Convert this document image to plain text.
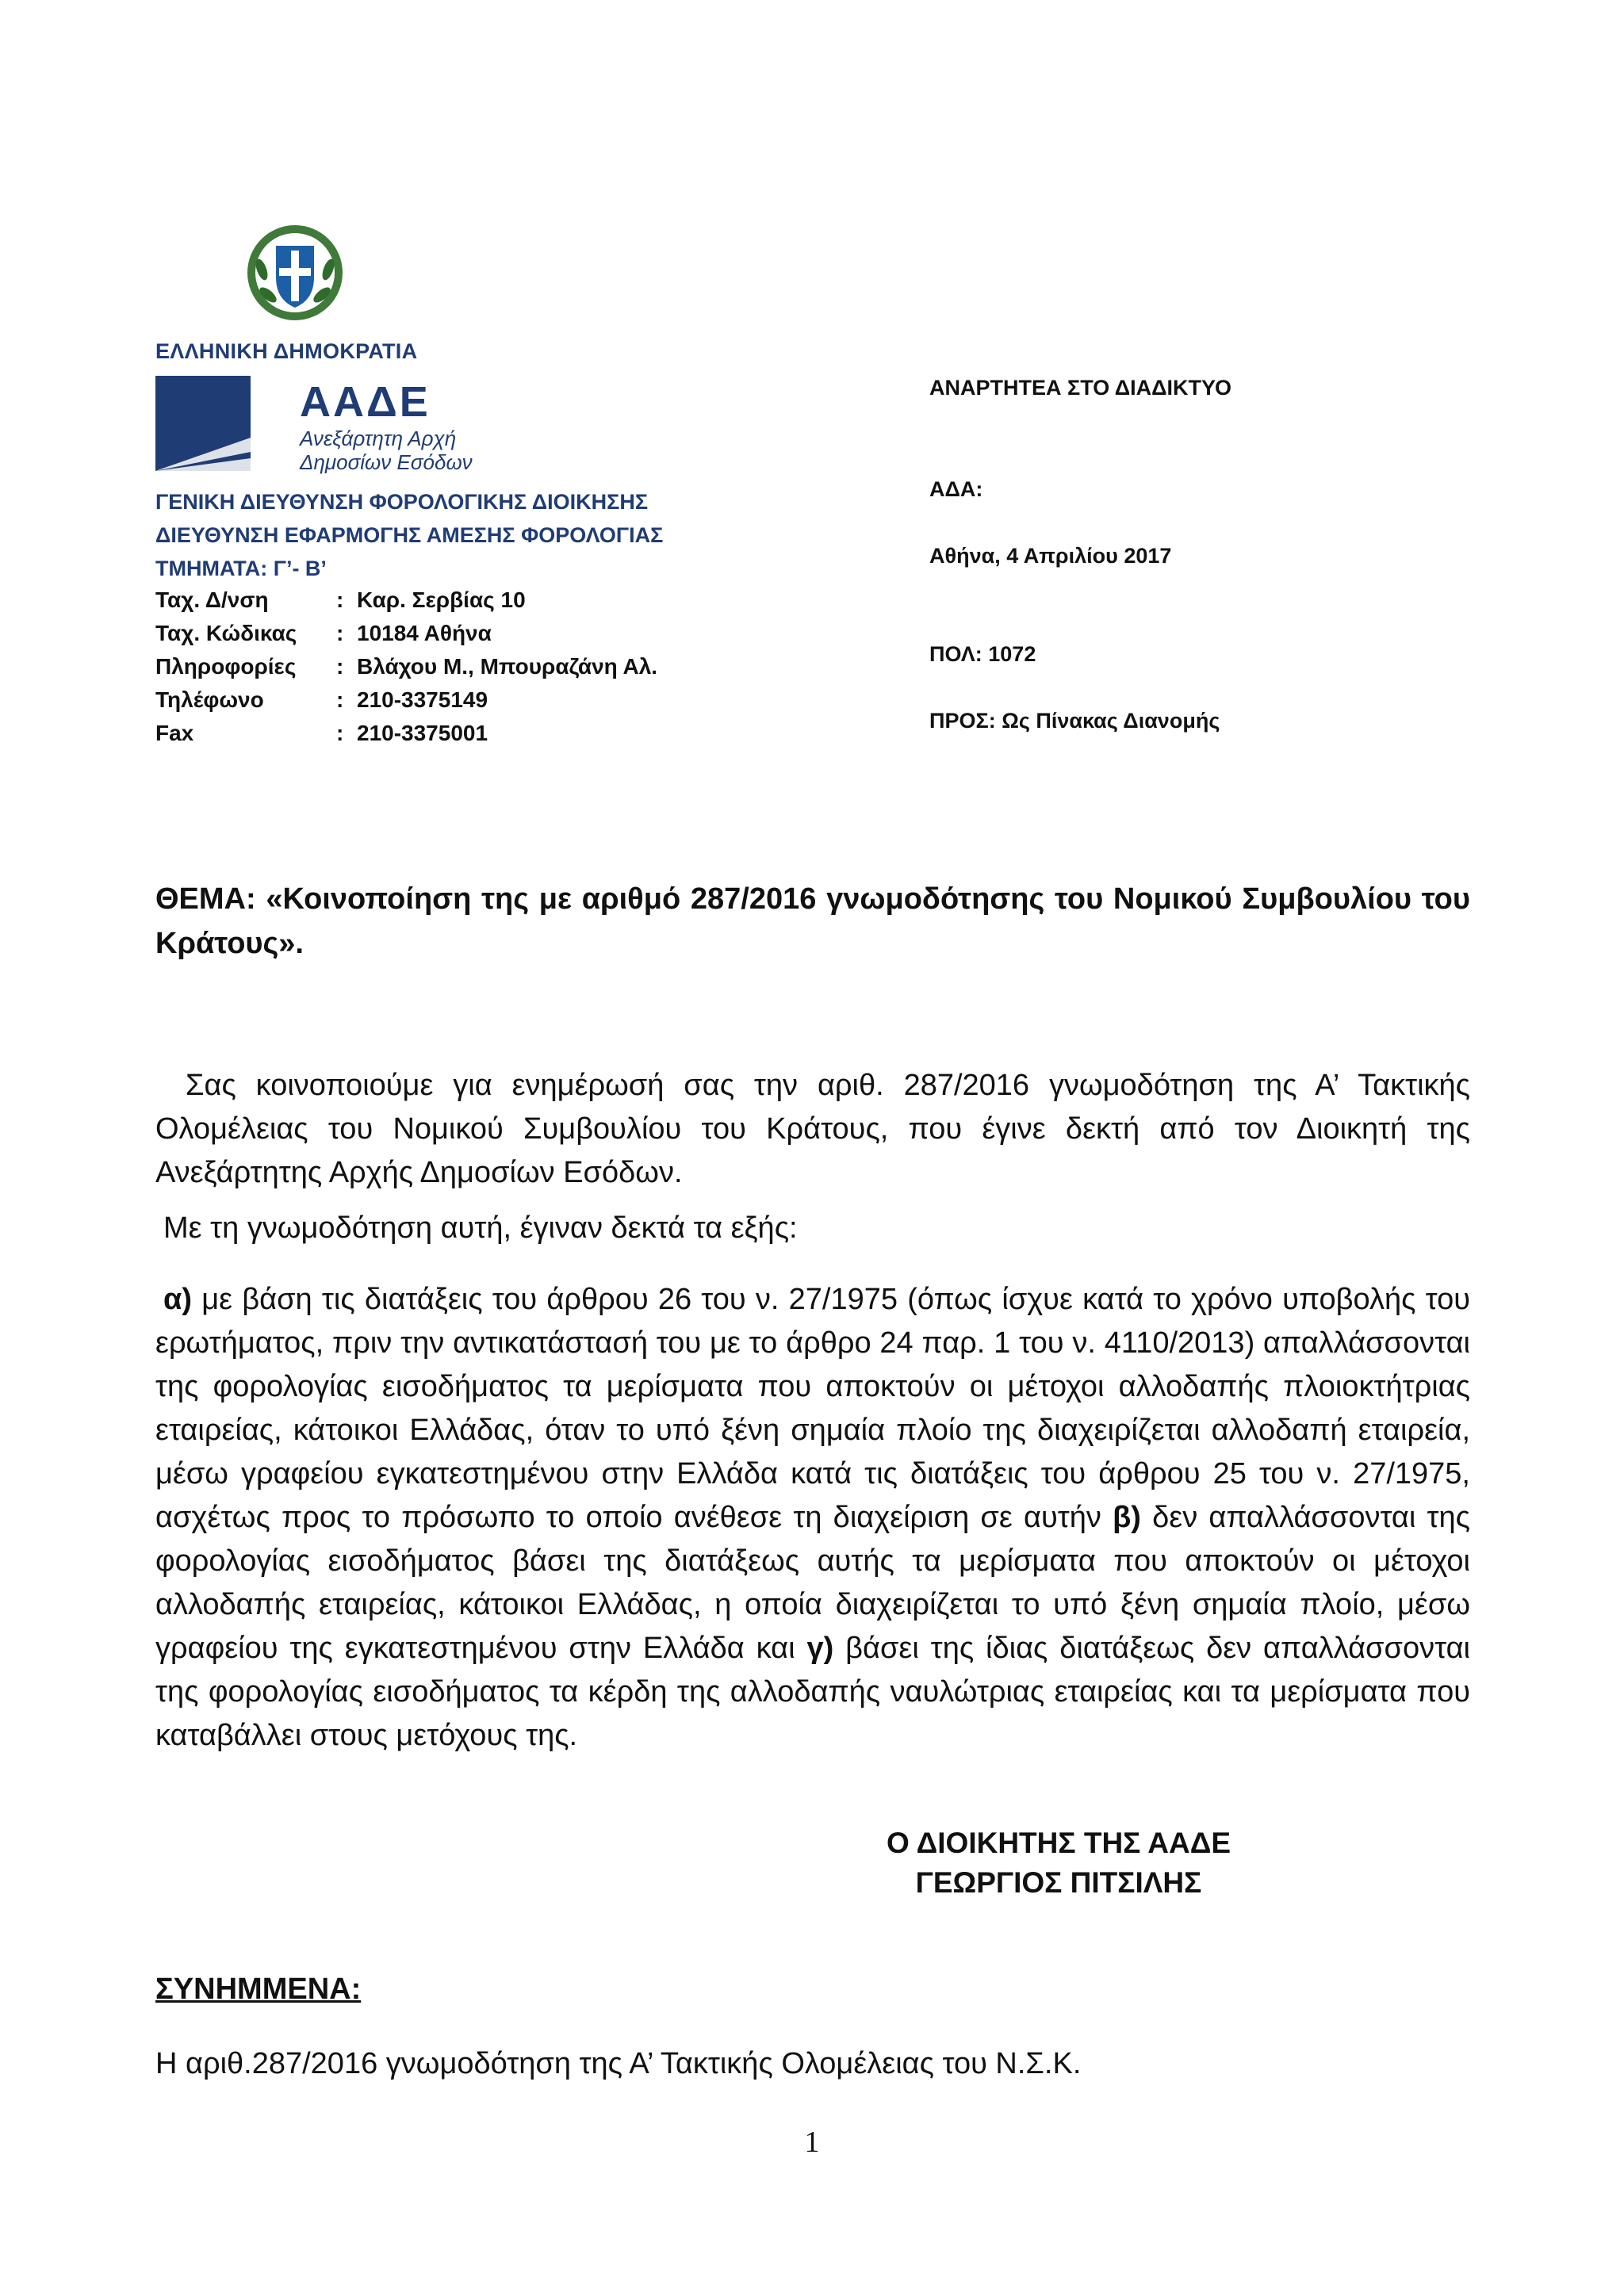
ΕΛΛΗΝΙΚΗ ΔΗΜΟΚΡΑΤΙΑ
ΑΑΔΕ
Ανεξάρτητη Αρχή
Δημοσίων Εσόδων
ΓΕΝΙΚΗ ΔΙΕΥΘΥΝΣΗ ΦΟΡΟΛΟΓΙΚΗΣ ΔΙΟΙΚΗΣΗΣ
ΔΙΕΥΘΥΝΣΗ ΕΦΑΡΜΟΓΗΣ ΑΜΕΣΗΣ ΦΟΡΟΛΟΓΙΑΣ
ΤΜΗΜΑΤΑ: Γ’- Β’
Ταχ. Δ/νση	: Καρ. Σερβίας 10
Ταχ. Κώδικας	: 10184 Αθήνα
Πληροφορίες	: Βλάχου Μ., Μπουραζάνη Αλ.
Τηλέφωνο	: 210-3375149
Fax	: 210-3375001
ΑΝΑΡΤΗΤΕΑ ΣΤΟ ΔΙΑΔΙΚΤΥΟ
ΑΔΑ:
Αθήνα, 4 Απριλίου 2017
ΠΟΛ: 1072
ΠΡΟΣ: Ως Πίνακας Διανομής
ΘΕΜΑ: «Κοινοποίηση της με αριθμό 287/2016 γνωμοδότησης του Νομικού Συμβουλίου του Κράτους».
Σας κοινοποιούμε για ενημέρωσή σας την αριθ. 287/2016 γνωμοδότηση της Α’ Τακτικής Ολομέλειας του Νομικού Συμβουλίου του Κράτους, που έγινε δεκτή από τον Διοικητή της Ανεξάρτητης Αρχής Δημοσίων Εσόδων.
Με τη γνωμοδότηση αυτή, έγιναν δεκτά τα εξής:
α) με βάση τις διατάξεις του άρθρου 26 του ν. 27/1975 (όπως ίσχυε κατά το χρόνο υποβολής του ερωτήματος, πριν την αντικατάστασή του με το άρθρο 24 παρ. 1 του ν. 4110/2013) απαλλάσσονται της φορολογίας εισοδήματος τα μερίσματα που αποκτούν οι μέτοχοι αλλοδαπής πλοιοκτήτριας εταιρείας, κάτοικοι Ελλάδας, όταν το υπό ξένη σημαία πλοίο της διαχειρίζεται αλλοδαπή εταιρεία, μέσω γραφείου εγκατεστημένου στην Ελλάδα κατά τις διατάξεις του άρθρου 25 του ν. 27/1975, ασχέτως προς το πρόσωπο το οποίο ανέθεσε τη διαχείριση σε αυτήν β) δεν απαλλάσσονται της φορολογίας εισοδήματος βάσει της διατάξεως αυτής τα μερίσματα που αποκτούν οι μέτοχοι αλλοδαπής εταιρείας, κάτοικοι Ελλάδας, η οποία διαχειρίζεται το υπό ξένη σημαία πλοίο, μέσω γραφείου της εγκατεστημένου στην Ελλάδα και γ) βάσει της ίδιας διατάξεως δεν απαλλάσσονται της φορολογίας εισοδήματος τα κέρδη της αλλοδαπής ναυλώτριας εταιρείας και τα μερίσματα που καταβάλλει στους μετόχους της.
Ο ΔΙΟΙΚΗΤΗΣ ΤΗΣ ΑΑΔΕ
ΓΕΩΡΓΙΟΣ ΠΙΤΣΙΛΗΣ
ΣΥΝΗΜΜΕΝΑ:
Η αριθ.287/2016 γνωμοδότηση της Α’ Τακτικής Ολομέλειας του Ν.Σ.Κ.
1
